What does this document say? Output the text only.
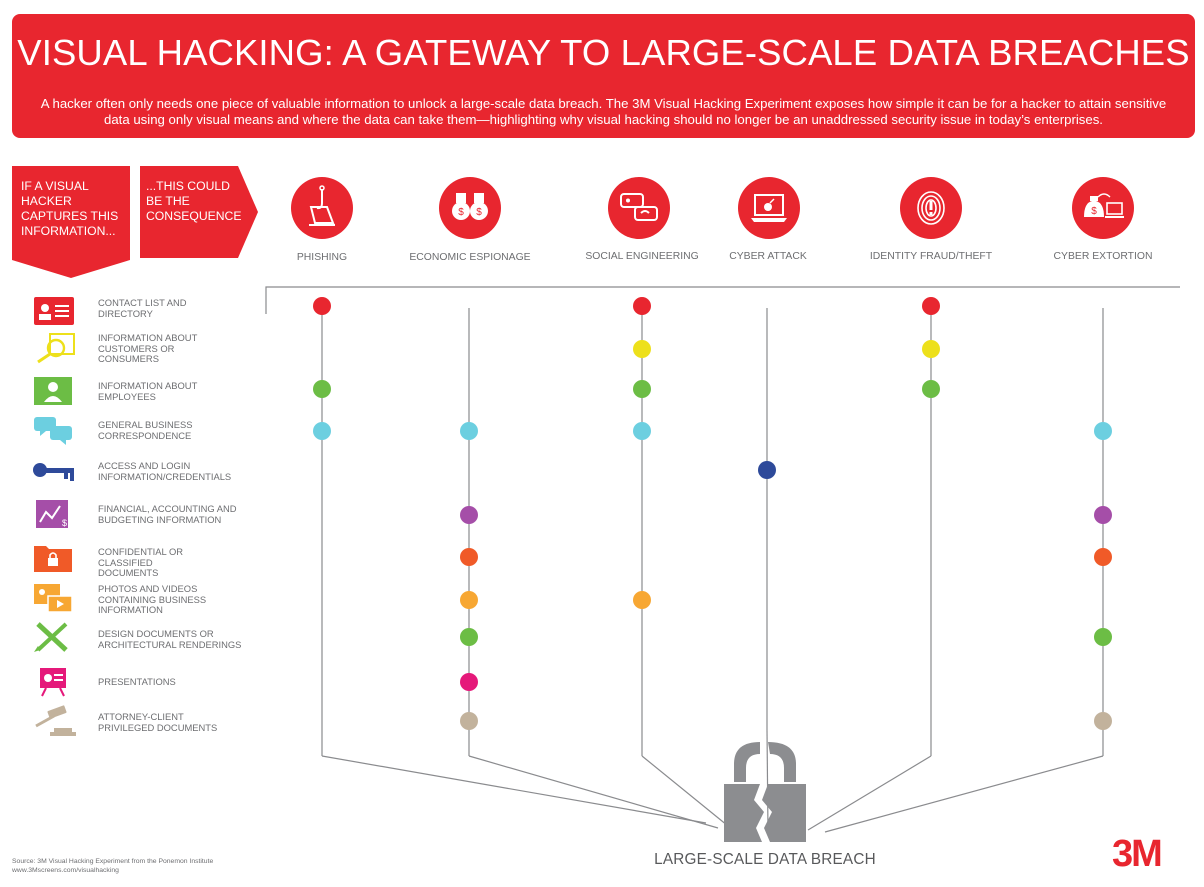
VISUAL HACKING: A GATEWAY TO LARGE-SCALE DATA BREACHES
A hacker often only needs one piece of valuable information to unlock a large-scale data breach. The 3M Visual Hacking Experiment exposes how simple it can be for a hacker to attain sensitive data using only visual means and where the data can take them—highlighting why visual hacking should no longer be an unaddressed security issue in today’s enterprises.
IF A VISUAL HACKER CAPTURES THIS INFORMATION...
...THIS COULD BE THE CONSEQUENCE
PHISHING
$ $
ECONOMIC ESPIONAGE	SOCIAL ENGINEERING	CYBER ATTACK	IDENTITY FRAUD/THEFT
$
CYBER EXTORTION
CONTACT LIST AND DIRECTORY
INFORMATION ABOUT CUSTOMERS OR CONSUMERS
INFORMATION ABOUT EMPLOYEES
GENERAL BUSINESS CORRESPONDENCE
ACCESS AND LOGIN INFORMATION/CREDENTIALS
$
FINANCIAL, ACCOUNTING AND BUDGETING INFORMATION
CONFIDENTIAL OR CLASSIFIED DOCUMENTS
PHOTOS AND VIDEOS CONTAINING BUSINESS INFORMATION
DESIGN DOCUMENTS OR ARCHITECTURAL RENDERINGS
PRESENTATIONS
ATTORNEY-CLIENT PRIVILEGED DOCUMENTS
LARGE-SCALE DATA BREACH
Source: 3M Visual Hacking Experiment from the Ponemon Institute
www.3Mscreens.com/visualhacking	3M
